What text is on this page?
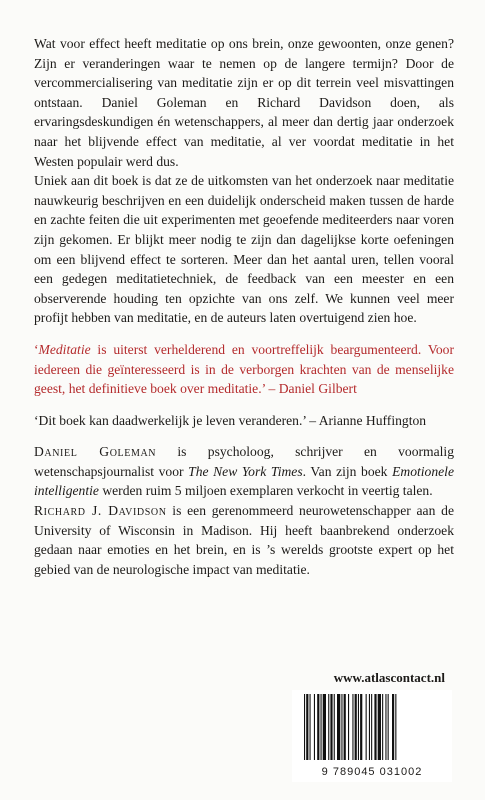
Wat voor effect heeft meditatie op ons brein, onze gewoonten, onze genen? Zijn er veranderingen waar te nemen op de langere termijn? Door de vercommercialisering van meditatie zijn er op dit terrein veel misvattingen ontstaan. Daniel Goleman en Richard Davidson doen, als ervaringsdeskundigen én wetenschappers, al meer dan dertig jaar onderzoek naar het blijvende effect van meditatie, al ver voordat meditatie in het Westen populair werd dus.

Uniek aan dit boek is dat ze de uitkomsten van het onderzoek naar meditatie nauwkeurig beschrijven en een duidelijk onderscheid maken tussen de harde en zachte feiten die uit experimenten met geoefende mediteerders naar voren zijn gekomen. Er blijkt meer nodig te zijn dan dagelijkse korte oefeningen om een blijvend effect te sorteren. Meer dan het aantal uren, tellen vooral een gedegen meditatietechniek, de feedback van een meester en een observerende houding ten opzichte van ons zelf. We kunnen veel meer profijt hebben van meditatie, en de auteurs laten overtuigend zien hoe.

‘Meditatie is uiterst verhelderend en voortreffelijk beargumenteerd. Voor iedereen die geïnteresseerd is in de verborgen krachten van de menselijke geest, het definitieve boek over meditatie.’ – Daniel Gilbert

‘Dit boek kan daadwerkelijk je leven veranderen.’ – Arianne Huffington

Daniel Goleman is psycholoog, schrijver en voormalig wetenschapsjournalist voor The New York Times. Van zijn boek Emotionele intelligentie werden ruim 5 miljoen exemplaren verkocht in veertig talen.

Richard J. Davidson is een gerenommeerd neurowetenschapper aan de University of Wisconsin in Madison. Hij heeft baanbrekend onderzoek gedaan naar emoties en het brein, en is ’s werelds grootste expert op het gebied van de neurologische impact van meditatie.

www.atlascontact.nl
9 789045 031002
